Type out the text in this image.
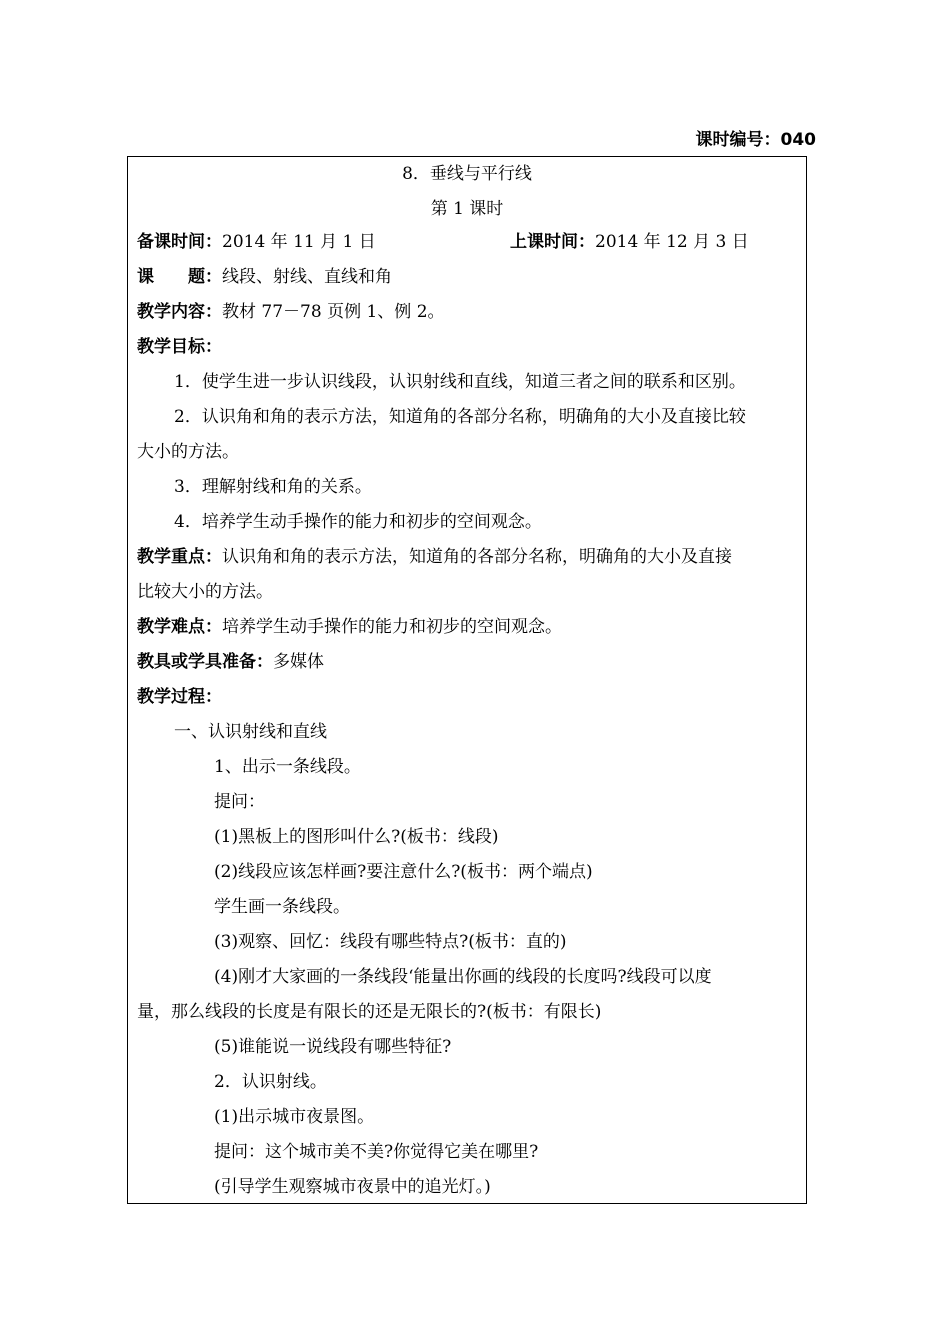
课时编号：040
8．垂线与平行线
第 1 课时
备课时间：2014 年 11 月 1 日	上课时间：2014 年 12 月 3 日
课　　题：线段、射线、直线和角
教学内容：教材 77－78 页例 1、例 2。
教学目标：
1．使学生进一步认识线段，认识射线和直线，知道三者之间的联系和区别。
2．认识角和角的表示方法，知道角的各部分名称，明确角的大小及直接比较
大小的方法。
3．理解射线和角的关系。
4．培养学生动手操作的能力和初步的空间观念。
教学重点：认识角和角的表示方法，知道角的各部分名称，明确角的大小及直接
比较大小的方法。
教学难点：培养学生动手操作的能力和初步的空间观念。
教具或学具准备：多媒体
教学过程：
一、认识射线和直线
1、出示一条线段。
提问：
(1)黑板上的图形叫什么?(板书：线段)
(2)线段应该怎样画?要注意什么?(板书：两个端点)
学生画一条线段。
(3)观察、回忆：线段有哪些特点?(板书：直的)
(4)刚才大家画的一条线段‘能量出你画的线段的长度吗?线段可以度
量，那么线段的长度是有限长的还是无限长的?(板书：有限长)
(5)谁能说一说线段有哪些特征?
2．认识射线。
(1)出示城市夜景图。
提问：这个城市美不美?你觉得它美在哪里?
(引导学生观察城市夜景中的追光灯。)
